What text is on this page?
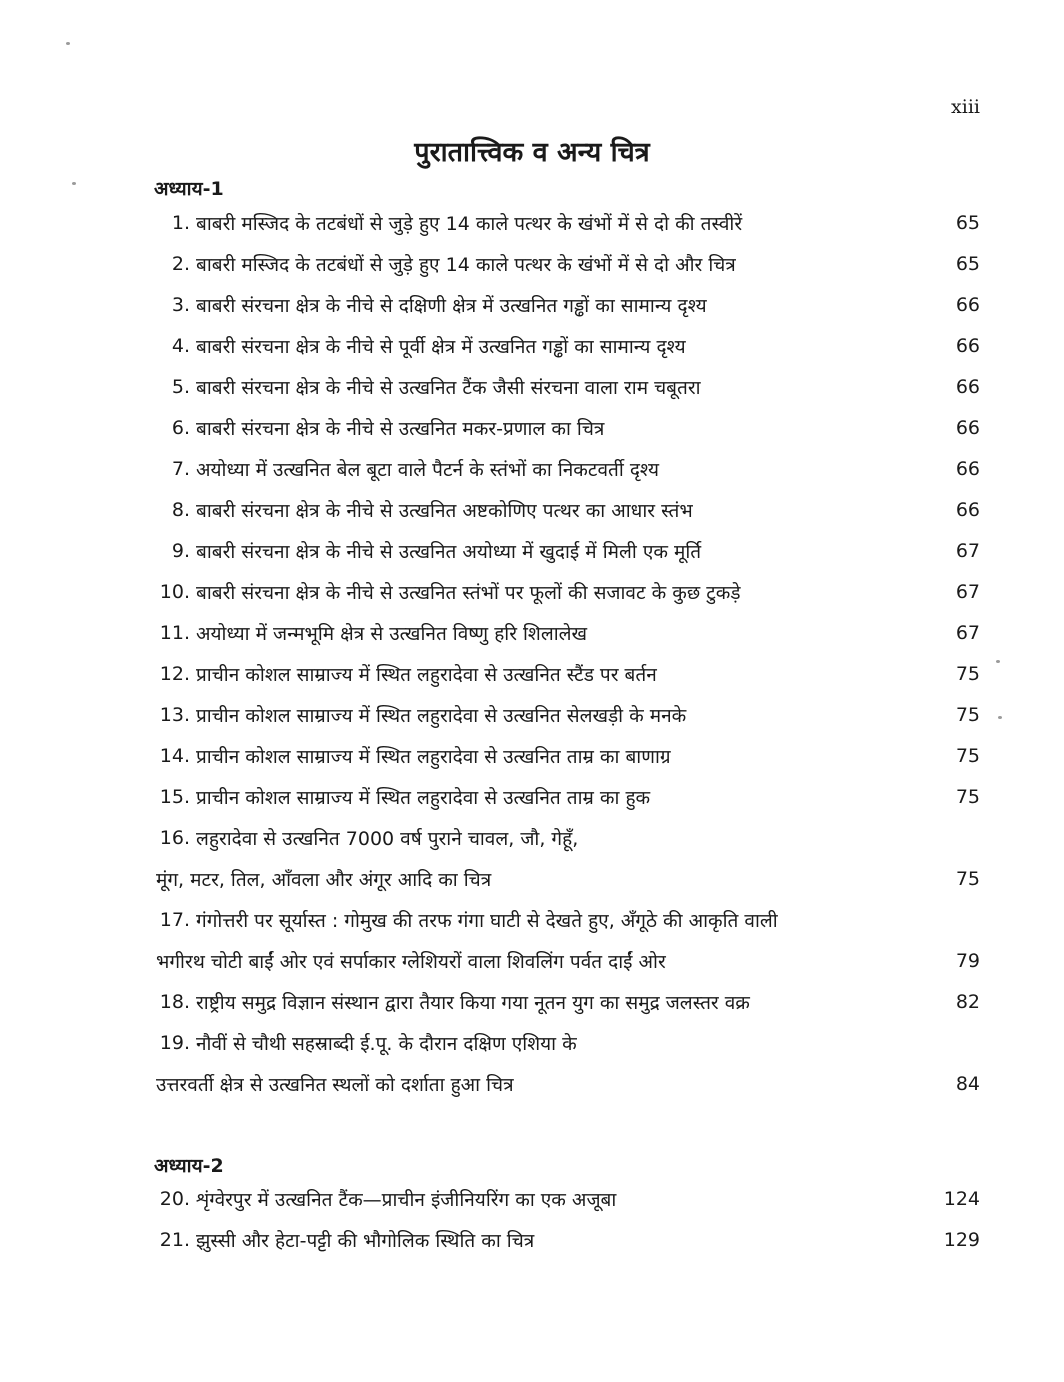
xiii
पुरातात्त्विक व अन्य चित्र
अध्याय-1
1. बाबरी मस्जिद के तटबंधों से जुड़े हुए 14 काले पत्थर के खंभों में से दो की तस्वीरें	65
2. बाबरी मस्जिद के तटबंधों से जुड़े हुए 14 काले पत्थर के खंभों में से दो और चित्र	65
3. बाबरी संरचना क्षेत्र के नीचे से दक्षिणी क्षेत्र में उत्खनित गड्ढों का सामान्य दृश्य	66
4. बाबरी संरचना क्षेत्र के नीचे से पूर्वी क्षेत्र में उत्खनित गड्ढों का सामान्य दृश्य	66
5. बाबरी संरचना क्षेत्र के नीचे से उत्खनित टैंक जैसी संरचना वाला राम चबूतरा	66
6. बाबरी संरचना क्षेत्र के नीचे से उत्खनित मकर-प्रणाल का चित्र	66
7. अयोध्या में उत्खनित बेल बूटा वाले पैटर्न के स्तंभों का निकटवर्ती दृश्य	66
8. बाबरी संरचना क्षेत्र के नीचे से उत्खनित अष्टकोणिए पत्थर का आधार स्तंभ	66
9. बाबरी संरचना क्षेत्र के नीचे से उत्खनित अयोध्या में खुदाई में मिली एक मूर्ति	67
10. बाबरी संरचना क्षेत्र के नीचे से उत्खनित स्तंभों पर फूलों की सजावट के कुछ टुकड़े	67
11. अयोध्या में जन्मभूमि क्षेत्र से उत्खनित विष्णु हरि शिलालेख	67
12. प्राचीन कोशल साम्राज्य में स्थित लहुरादेवा से उत्खनित स्टैंड पर बर्तन	75
13. प्राचीन कोशल साम्राज्य में स्थित लहुरादेवा से उत्खनित सेलखड़ी के मनके	75
14. प्राचीन कोशल साम्राज्य में स्थित लहुरादेवा से उत्खनित ताम्र का बाणाग्र	75
15. प्राचीन कोशल साम्राज्य में स्थित लहुरादेवा से उत्खनित ताम्र का हुक	75
16. लहुरादेवा से उत्खनित 7000 वर्ष पुराने चावल, जौ, गेहूँ,
मूंग, मटर, तिल, आँवला और अंगूर आदि का चित्र	75
17. गंगोत्तरी पर सूर्यास्त : गोमुख की तरफ गंगा घाटी से देखते हुए, अँगूठे की आकृति वाली
भगीरथ चोटी बाईं ओर एवं सर्पाकार ग्लेशियरों वाला शिवलिंग पर्वत दाईं ओर	79
18. राष्ट्रीय समुद्र विज्ञान संस्थान द्वारा तैयार किया गया नूतन युग का समुद्र जलस्तर वक्र	82
19. नौवीं से चौथी सहस्राब्दी ई.पू. के दौरान दक्षिण एशिया के
उत्तरवर्ती क्षेत्र से उत्खनित स्थलों को दर्शाता हुआ चित्र	84
अध्याय-2
20. शृंग्वेरपुर में उत्खनित टैंक—प्राचीन इंजीनियरिंग का एक अजूबा	124
21. झुस्सी और हेटा-पट्टी की भौगोलिक स्थिति का चित्र	129
